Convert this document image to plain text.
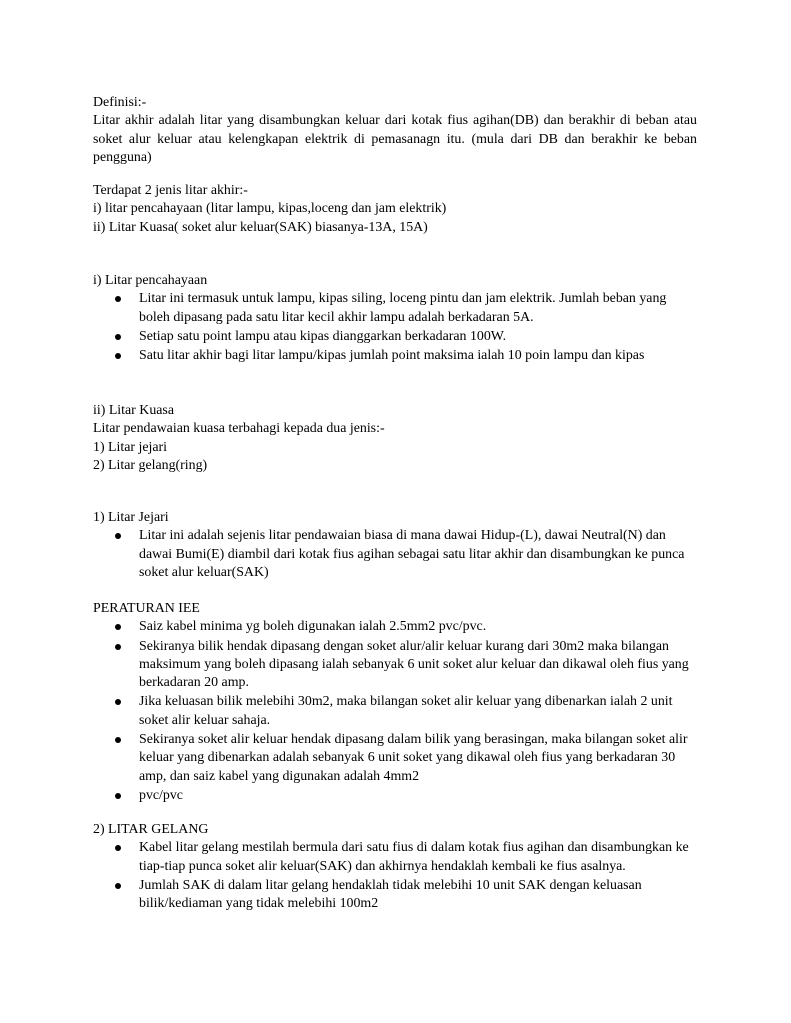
Definisi:-
Litar akhir adalah litar yang disambungkan keluar dari kotak fius agihan(DB) dan berakhir di beban atau soket alur keluar atau kelengkapan elektrik di pemasanagn itu. (mula dari DB dan berakhir ke beban pengguna)
Terdapat 2 jenis litar akhir:-
i) litar pencahayaan (litar lampu, kipas,loceng dan jam elektrik)
ii) Litar Kuasa( soket alur keluar(SAK) biasanya-13A, 15A)
i) Litar pencahayaan
Litar ini termasuk untuk lampu, kipas siling, loceng pintu dan jam elektrik. Jumlah beban yang boleh dipasang pada satu litar kecil akhir lampu adalah berkadaran 5A.
Setiap satu point lampu atau kipas dianggarkan berkadaran 100W.
Satu litar akhir bagi litar lampu/kipas jumlah point maksima ialah 10 poin lampu dan kipas
ii) Litar Kuasa
Litar pendawaian kuasa terbahagi kepada dua jenis:-
1) Litar jejari
2) Litar gelang(ring)
1) Litar Jejari
Litar ini adalah sejenis litar pendawaian biasa di mana dawai Hidup-(L), dawai Neutral(N) dan dawai Bumi(E) diambil dari kotak fius agihan sebagai satu litar akhir dan disambungkan ke punca soket alur keluar(SAK)
PERATURAN IEE
Saiz kabel minima yg boleh digunakan ialah 2.5mm2 pvc/pvc.
Sekiranya bilik hendak dipasang dengan soket alur/alir keluar kurang dari 30m2 maka bilangan maksimum yang boleh dipasang ialah sebanyak 6 unit soket alur keluar dan dikawal oleh fius yang berkadaran 20 amp.
Jika keluasan bilik melebihi 30m2, maka bilangan soket alir keluar yang dibenarkan ialah 2 unit soket alir keluar sahaja.
Sekiranya soket alir keluar hendak dipasang dalam bilik yang berasingan, maka bilangan soket alir keluar yang dibenarkan adalah sebanyak 6 unit soket yang dikawal oleh fius yang berkadaran 30 amp, dan saiz kabel yang digunakan adalah 4mm2
pvc/pvc
2) LITAR GELANG
Kabel litar gelang mestilah bermula dari satu fius di dalam kotak fius agihan dan disambungkan ke tiap-tiap punca soket alir keluar(SAK) dan akhirnya hendaklah kembali ke fius asalnya.
Jumlah SAK di dalam litar gelang hendaklah tidak melebihi 10 unit SAK dengan keluasan bilik/kediaman yang tidak melebihi 100m2
